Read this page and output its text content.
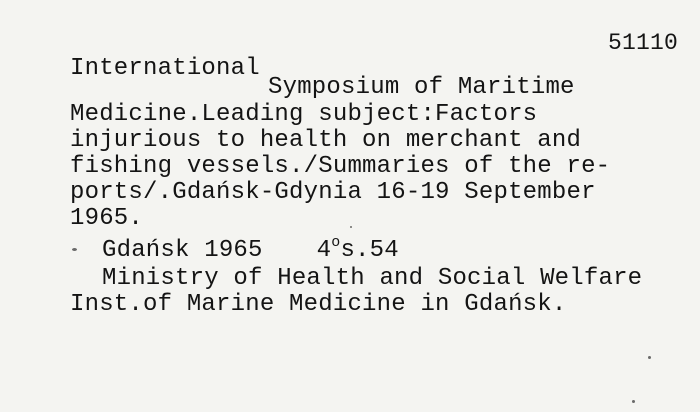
51110
International
Symposium of Maritime
Medicine.Leading subject:Factors
injurious to health on merchant and
fishing vessels./Summaries of the re-
ports/.Gdańsk-Gdynia 16-19 September
1965.
Gdańsk 1965 4$^o$s.54
Ministry of Health and Social Welfare
Inst.of Marine Medicine in Gdańsk.
